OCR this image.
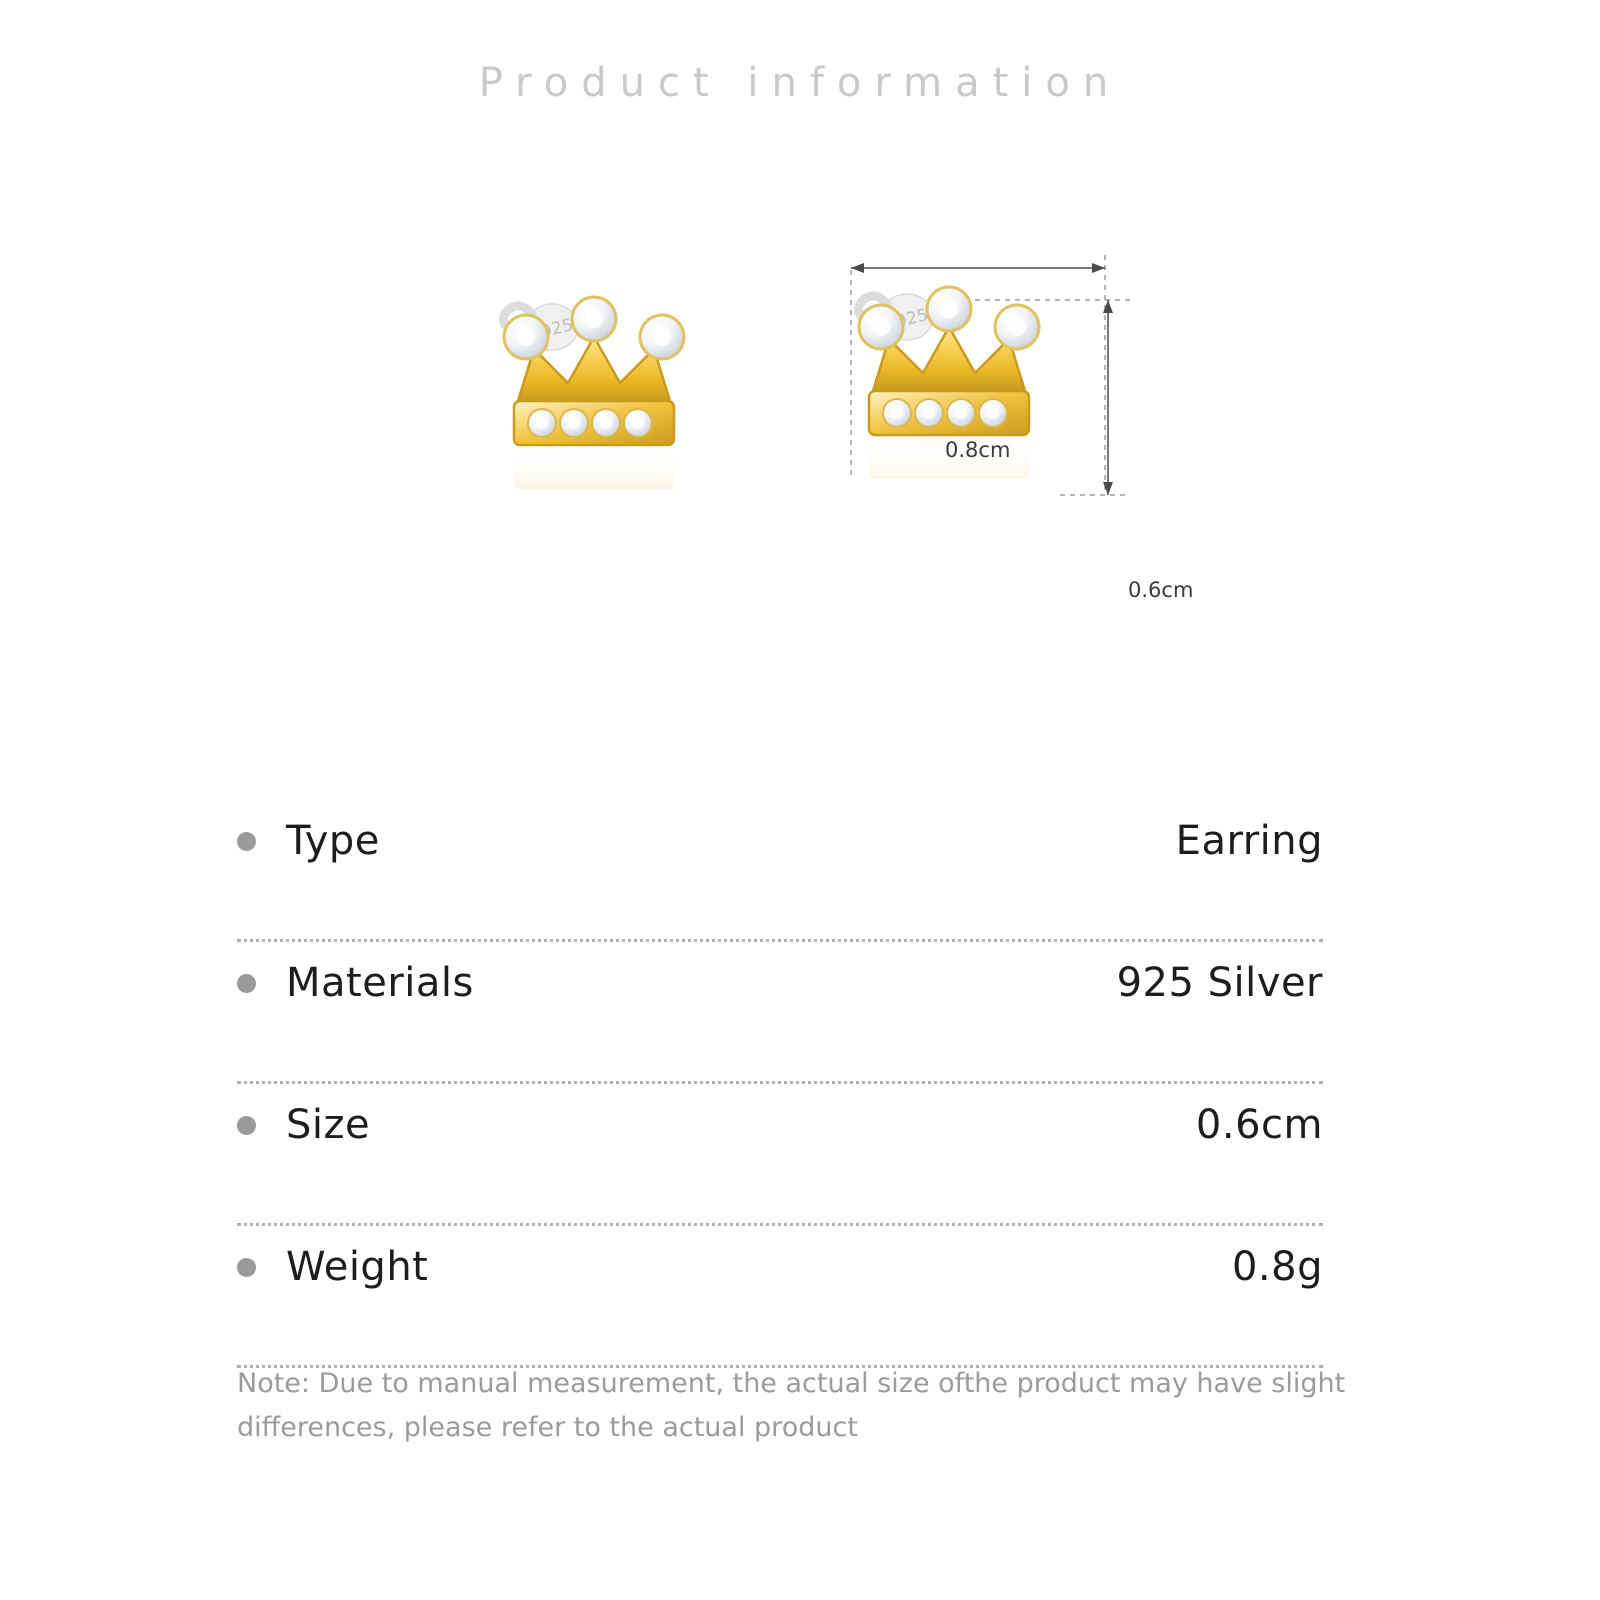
Product information
S925
0.8cm
0.6cm
Type	Earring
Materials	925 Silver
Size	0.6cm
Weight	0.8g
Note: Due to manual measurement, the actual size ofthe product may have slight differences, please refer to the actual product
